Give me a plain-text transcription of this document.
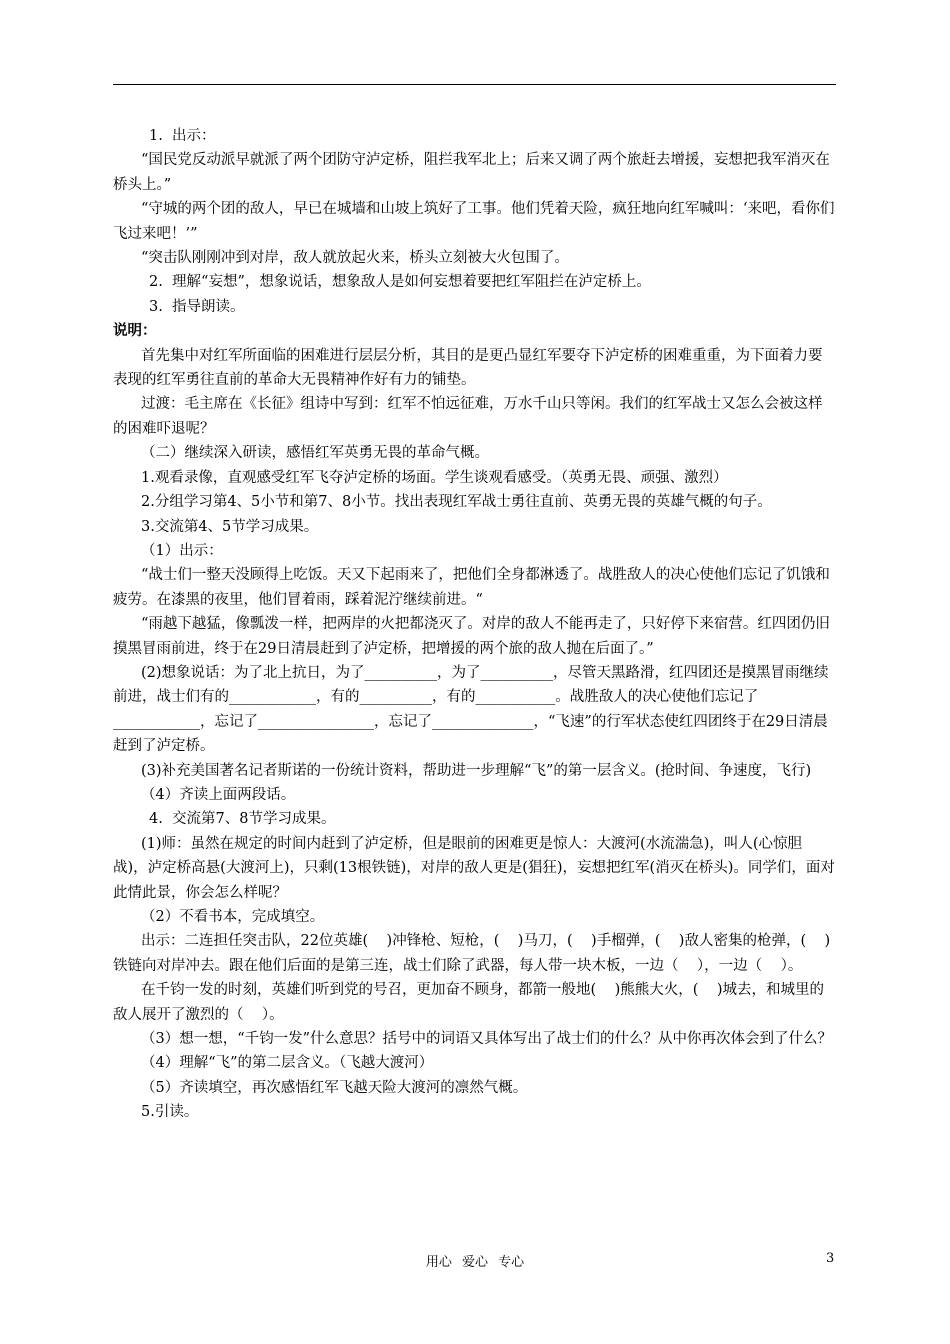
1.  出示：

“国民党反动派早就派了两个团防守泸定桥，阻拦我军北上；后来又调了两个旅赶去增援，妄想把我军消灭在桥头上。”

“守城的两个团的敌人，早已在城墙和山坡上筑好了工事。他们凭着天险，疯狂地向红军喊叫：‘来吧，看你们飞过来吧！’”

“突击队刚刚冲到对岸，敌人就放起火来，桥头立刻被大火包围了。

2.  理解“妄想”，想象说话，想象敌人是如何妄想着要把红军阻拦在泸定桥上。

3.  指导朗读。

说明：

首先集中对红军所面临的困难进行层层分析，其目的是更凸显红军要夺下泸定桥的困难重重，为下面着力要表现的红军勇往直前的革命大无畏精神作好有力的铺垫。

过渡：毛主席在《长征》组诗中写到：红军不怕远征难，万水千山只等闲。我们的红军战士又怎么会被这样的困难吓退呢？

（二）继续深入研读，感悟红军英勇无畏的革命气概。

1.观看录像，直观感受红军飞夺泸定桥的场面。学生谈观看感受。（英勇无畏、顽强、激烈）

2.分组学习第4、5小节和第7、8小节。找出表现红军战士勇往直前、英勇无畏的英雄气概的句子。

3.交流第4、5节学习成果。

（1）出示：

“战士们一整天没顾得上吃饭。天又下起雨来了，把他们全身都淋透了。战胜敌人的决心使他们忘记了饥饿和疲劳。在漆黑的夜里，他们冒着雨，踩着泥泞继续前进。“

“雨越下越猛，像瓢泼一样，把两岸的火把都浇灭了。对岸的敌人不能再走了，只好停下来宿营。红四团仍旧摸黑冒雨前进，终于在29日清晨赶到了泸定桥，把增援的两个旅的敌人抛在后面了。”

(2)想象说话：为了北上抗日，为了__________，为了__________，尽管天黑路滑，红四团还是摸黑冒雨继续前进，战士们有的____________，有的__________，有的___________。战胜敌人的决心使他们忘记了____________，忘记了________________，忘记了______________，“飞速”的行军状态使红四团终于在29日清晨赶到了泸定桥。

(3)补充美国著名记者斯诺的一份统计资料，帮助进一步理解“飞”的第一层含义。(抢时间、争速度，飞行)

（4）齐读上面两段话。

4.  交流第7、8节学习成果。

(1)师：虽然在规定的时间内赶到了泸定桥，但是眼前的困难更是惊人：大渡河(水流湍急)，叫人(心惊胆战)，泸定桥高悬(大渡河上)，只剩(13根铁链)，对岸的敌人更是(猖狂)，妄想把红军(消灭在桥头)。同学们，面对此情此景，你会怎么样呢？

（2）不看书本，完成填空。

出示：二连担任突击队，22位英雄(    )冲锋枪、短枪，(    )马刀，(    )手榴弹，(    )敌人密集的枪弹，(    )铁链向对岸冲去。跟在他们后面的是第三连，战士们除了武器，每人带一块木板，一边（    ），一边（    ）。

在千钧一发的时刻，英雄们听到党的号召，更加奋不顾身，都箭一般地(    )熊熊大火，(    )城去，和城里的敌人展开了激烈的（    ）。

（3）想一想，“千钧一发”什么意思？括号中的词语又具体写出了战士们的什么？从中你再次体会到了什么？

（4）理解“飞”的第二层含义。（飞越大渡河）

（5）齐读填空，再次感悟红军飞越天险大渡河的凛然气概。

5.引读。

用心 爱心 专心	3
